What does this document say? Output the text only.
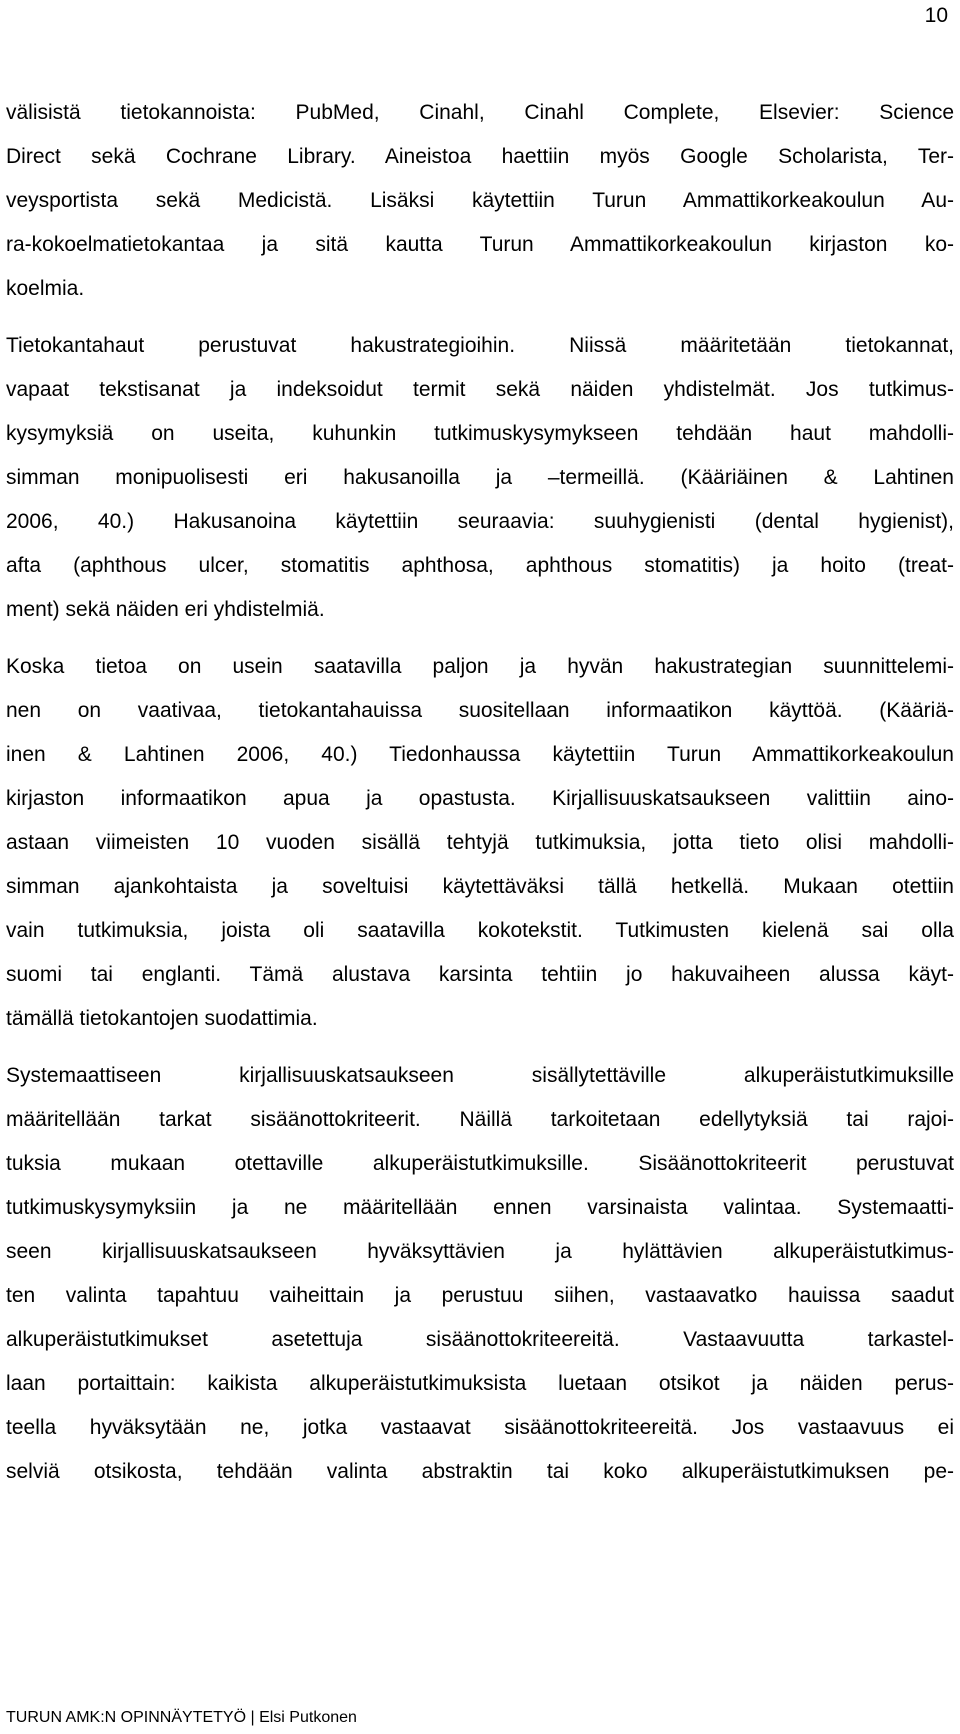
10
välisistä tietokannoista: PubMed, Cinahl, Cinahl Complete, Elsevier: Science
Direct sekä Cochrane Library. Aineistoa haettiin myös Google Scholarista, Ter-
veysportista sekä Medicistä. Lisäksi käytettiin Turun Ammattikorkeakoulun Au-
ra-kokoelmatietokantaa ja sitä kautta Turun Ammattikorkeakoulun kirjaston ko-
koelmia.
Tietokantahaut perustuvat hakustrategioihin. Niissä määritetään tietokannat,
vapaat tekstisanat ja indeksoidut termit sekä näiden yhdistelmät. Jos tutkimus-
kysymyksiä on useita, kuhunkin tutkimuskysymykseen tehdään haut mahdolli-
simman monipuolisesti eri hakusanoilla ja –termeillä. (Kääriäinen & Lahtinen
2006, 40.) Hakusanoina käytettiin seuraavia: suuhygienisti (dental hygienist),
afta (aphthous ulcer, stomatitis aphthosa, aphthous stomatitis) ja hoito (treat-
ment) sekä näiden eri yhdistelmiä.
Koska tietoa on usein saatavilla paljon ja hyvän hakustrategian suunnittelemi-
nen on vaativaa, tietokantahauissa suositellaan informaatikon käyttöä. (Kääriä-
inen & Lahtinen 2006, 40.) Tiedonhaussa käytettiin Turun Ammattikorkeakoulun
kirjaston informaatikon apua ja opastusta. Kirjallisuuskatsaukseen valittiin aino-
astaan viimeisten 10 vuoden sisällä tehtyjä tutkimuksia, jotta tieto olisi mahdolli-
simman ajankohtaista ja soveltuisi käytettäväksi tällä hetkellä. Mukaan otettiin
vain tutkimuksia, joista oli saatavilla kokotekstit. Tutkimusten kielenä sai olla
suomi tai englanti. Tämä alustava karsinta tehtiin jo hakuvaiheen alussa käyt-
tämällä tietokantojen suodattimia.
Systemaattiseen kirjallisuuskatsaukseen sisällytettäville alkuperäistutkimuksille
määritellään tarkat sisäänottokriteerit. Näillä tarkoitetaan edellytyksiä tai rajoi-
tuksia mukaan otettaville alkuperäistutkimuksille. Sisäänottokriteerit perustuvat
tutkimuskysymyksiin ja ne määritellään ennen varsinaista valintaa. Systemaatti-
seen kirjallisuuskatsaukseen hyväksyttävien ja hylättävien alkuperäistutkimus-
ten valinta tapahtuu vaiheittain ja perustuu siihen, vastaavatko hauissa saadut
alkuperäistutkimukset asetettuja sisäänottokriteereitä. Vastaavuutta tarkastel-
laan portaittain: kaikista alkuperäistutkimuksista luetaan otsikot ja näiden perus-
teella hyväksytään ne, jotka vastaavat sisäänottokriteereitä. Jos vastaavuus ei
selviä otsikosta, tehdään valinta abstraktin tai koko alkuperäistutkimuksen pe-
TURUN AMK:N OPINNÄYTETYÖ | Elsi Putkonen
